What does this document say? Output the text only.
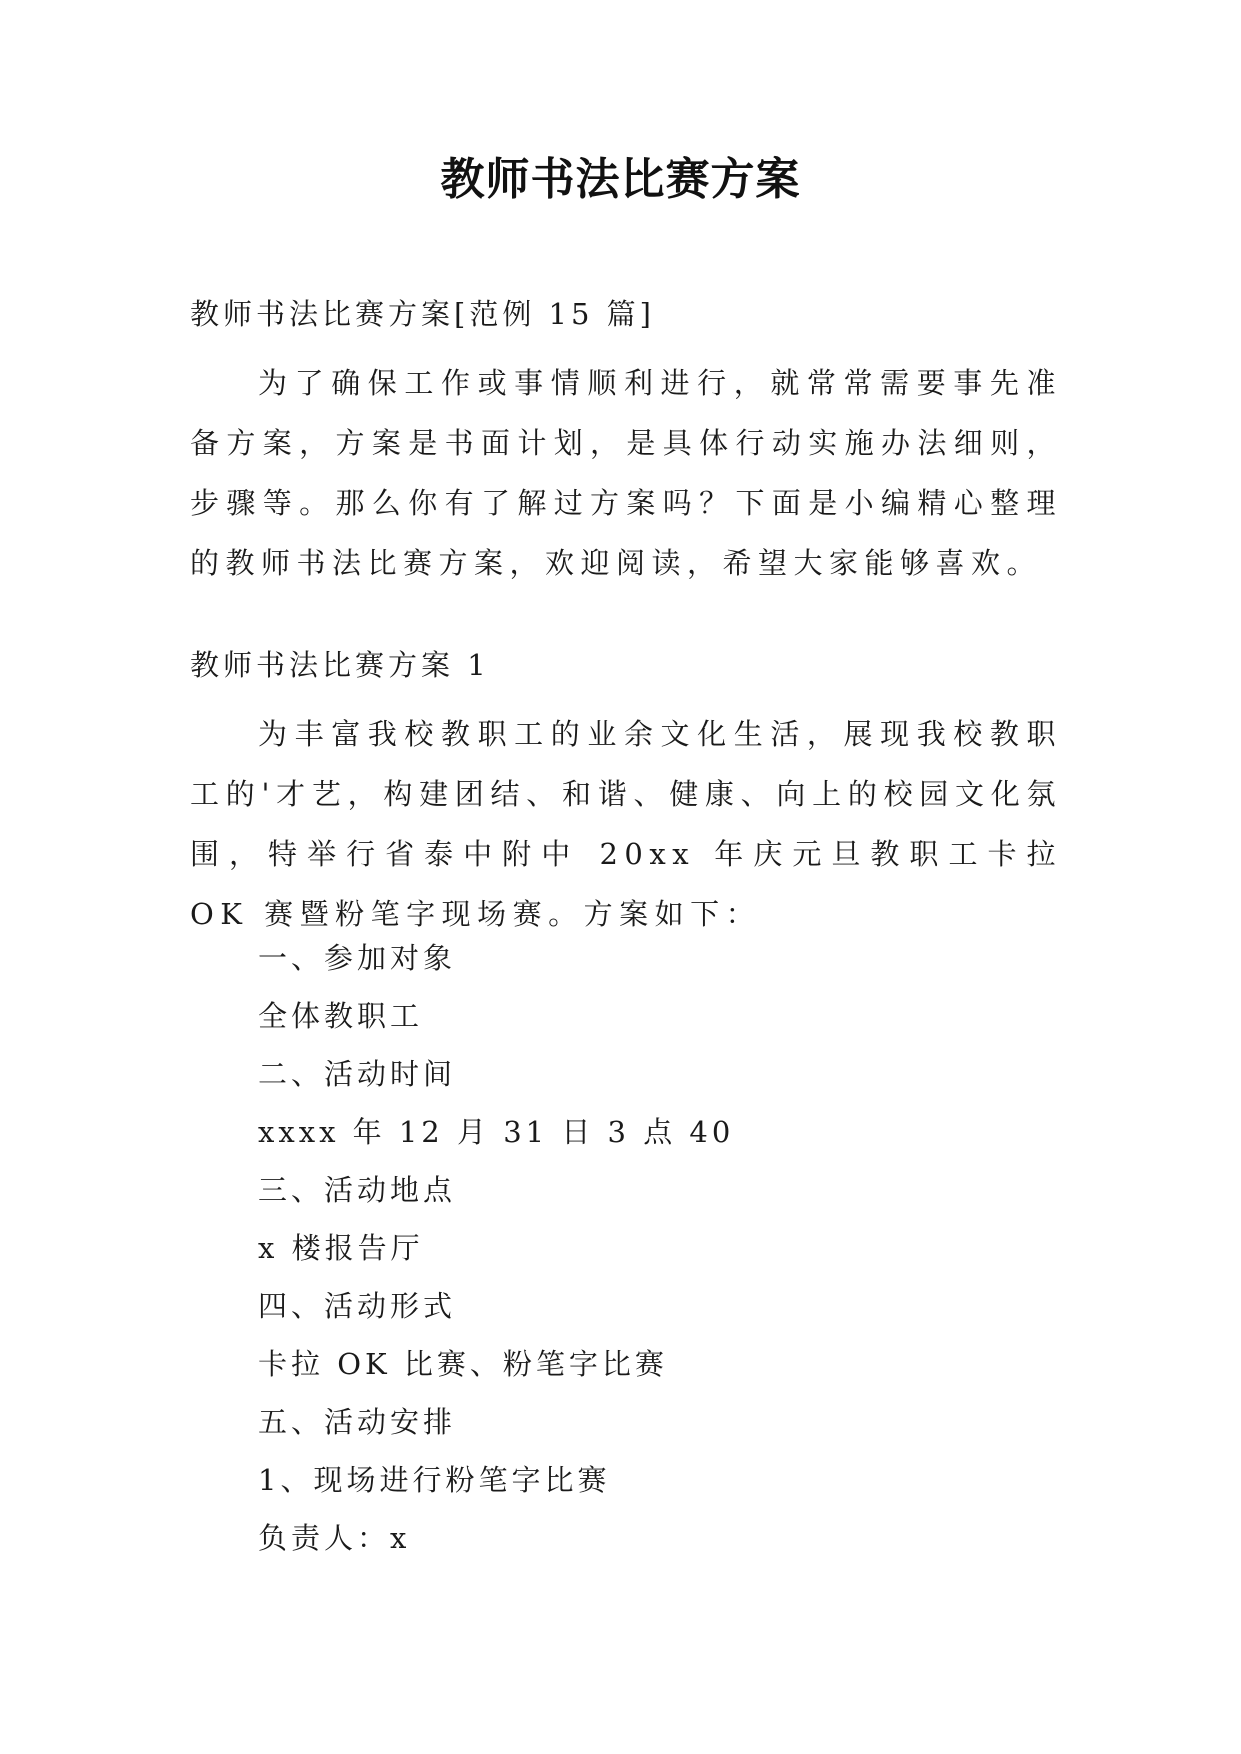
教师书法比赛方案
教师书法比赛方案[范例 15 篇]
为了确保工作或事情顺利进行，就常常需要事先准备方案，方案是书面计划，是具体行动实施办法细则，步骤等。那么你有了解过方案吗？下面是小编精心整理的教师书法比赛方案，欢迎阅读，希望大家能够喜欢。
教师书法比赛方案 1
为丰富我校教职工的业余文化生活，展现我校教职工的'才艺，构建团结、和谐、健康、向上的校园文化氛围，特举行省泰中附中 20xx 年庆元旦教职工卡拉 OK 赛暨粉笔字现场赛。方案如下：
一、参加对象
全体教职工
二、活动时间
xxxx 年 12 月 31 日 3 点 40
三、活动地点
x 楼报告厅
四、活动形式
卡拉 OK 比赛、粉笔字比赛
五、活动安排
1、现场进行粉笔字比赛
负责人：x
